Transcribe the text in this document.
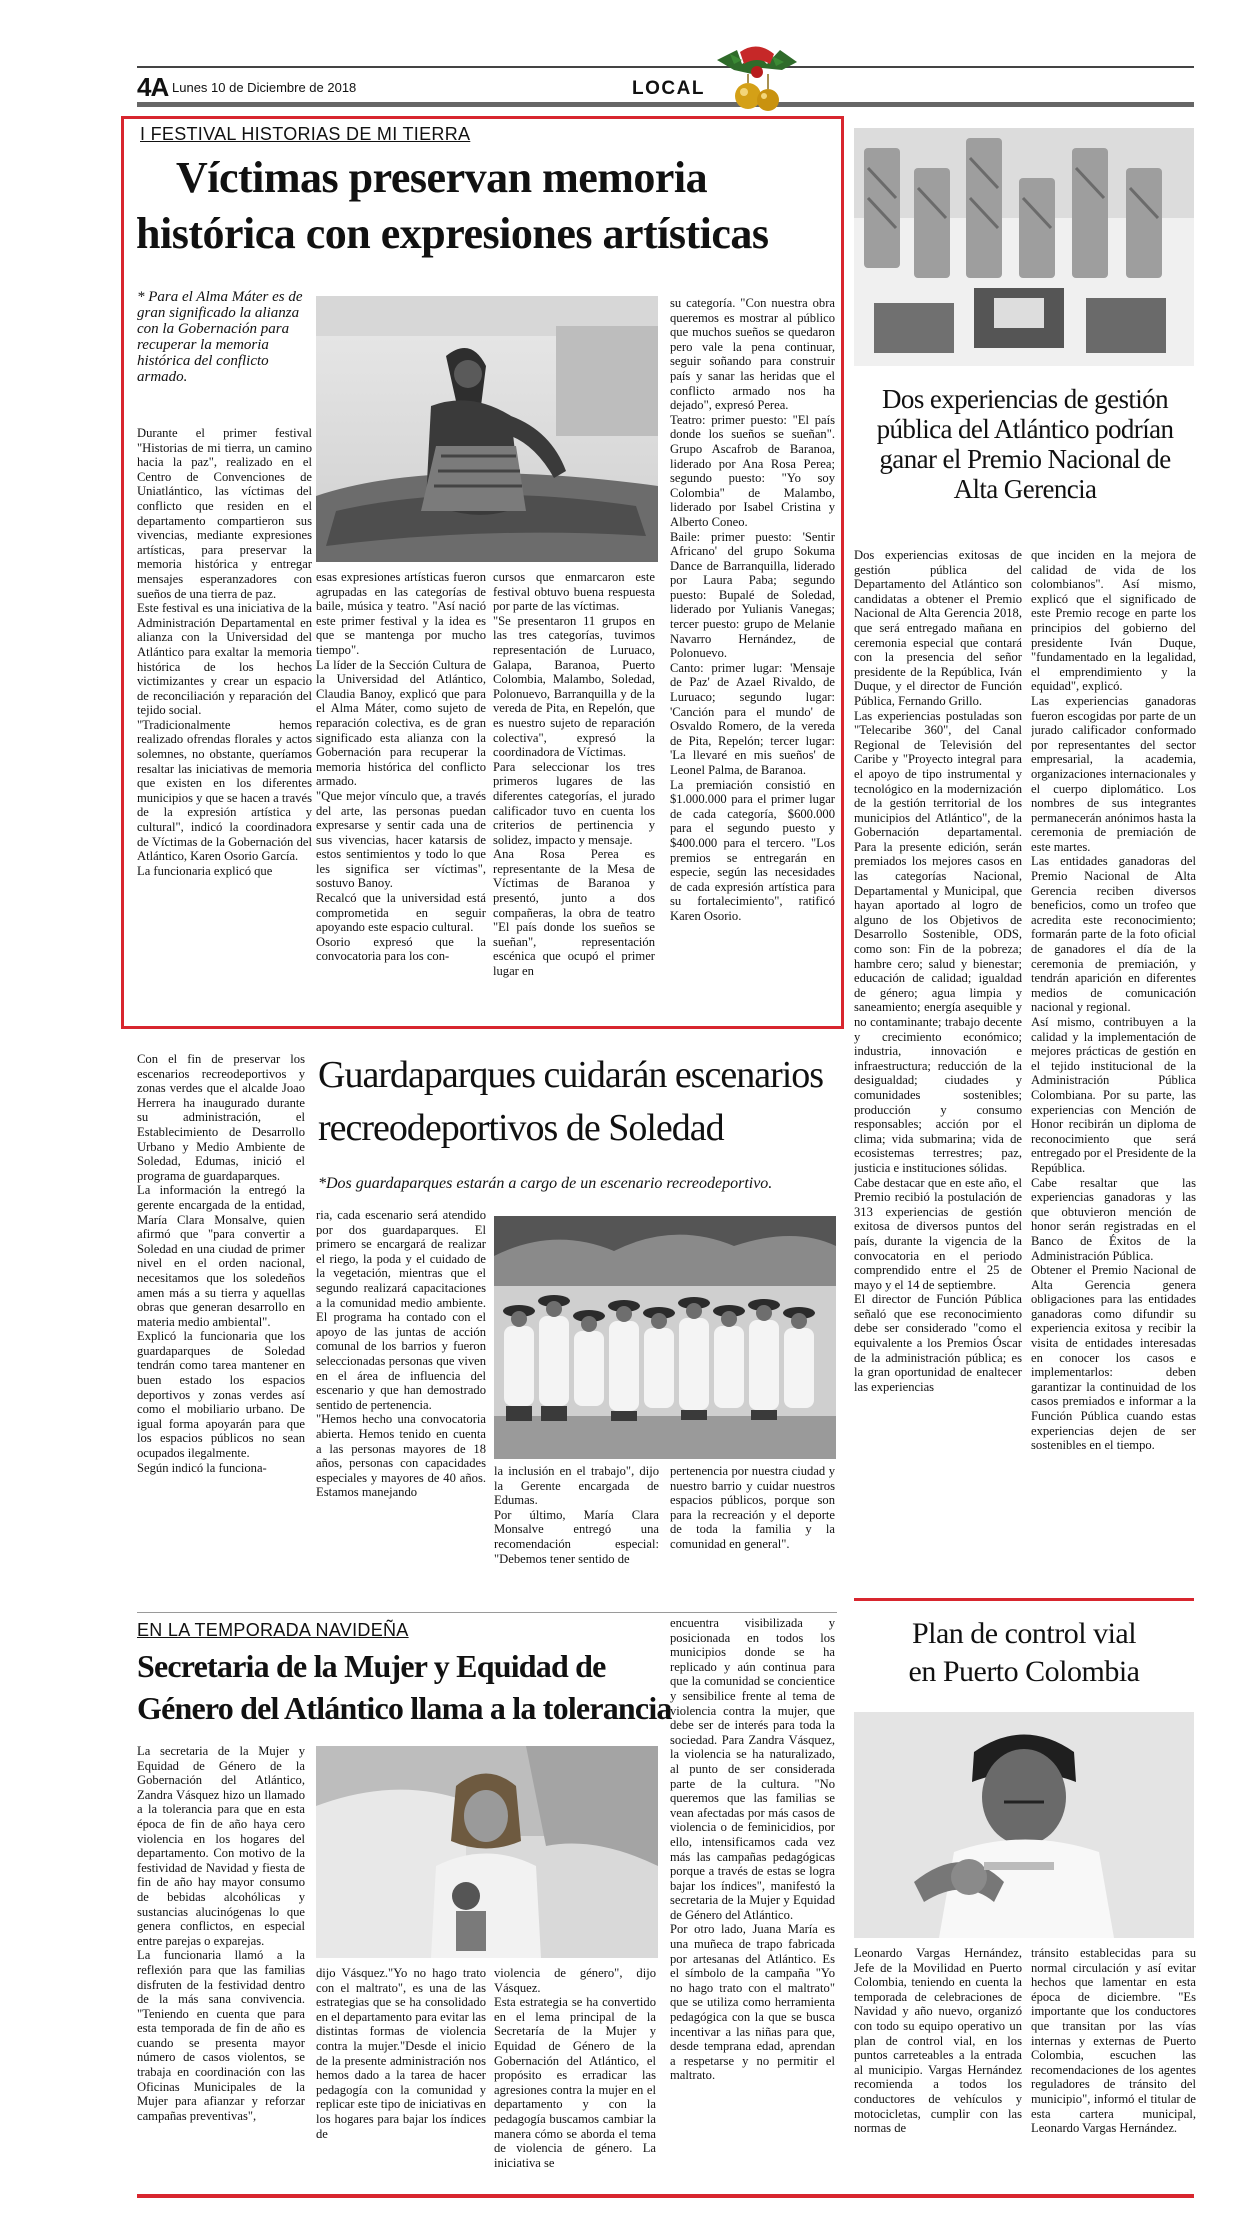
4A Lunes 10 de Diciembre de 2018	LOCAL
I FESTIVAL HISTORIAS DE MI TIERRA
Víctimas preservan memoria
histórica con expresiones artísticas
* Para el Alma Máter es de gran significado la alianza con la Gobernación para recuperar la memoria histórica del conflicto armado.
Durante el primer festival "Historias de mi tierra, un camino hacia la paz", realizado en el Centro de Convenciones de Uniatlántico, las víctimas del conflicto que residen en el departamento compartieron sus vivencias, mediante expresiones artísticas, para preservar la memoria histórica y entregar mensajes esperanzadores con sueños de una tierra de paz.
Este festival es una iniciativa de la Administración Departamental en alianza con la Universidad del Atlántico para exaltar la memoria histórica de los hechos victimizantes y crear un espacio de reconciliación y reparación del tejido social.
"Tradicionalmente hemos realizado ofrendas florales y actos solemnes, no obstante, queríamos resaltar las iniciativas de memoria que existen en los diferentes municipios y que se hacen a través de la expresión artística y cultural", indicó la coordinadora de Víctimas de la Gobernación del Atlántico, Karen Osorio García.
La funcionaria explicó que
esas expresiones artísticas fueron agrupadas en las categorías de baile, música y teatro. "Así nació este primer festival y la idea es que se mantenga por mucho tiempo".
La líder de la Sección Cultura de la Universidad del Atlántico, Claudia Banoy, explicó que para el Alma Máter, como sujeto de reparación colectiva, es de gran significado esta alianza con la Gobernación para recuperar la memoria histórica del conflicto armado.
"Que mejor vínculo que, a través del arte, las personas puedan expresarse y sentir cada una de sus vivencias, hacer katarsis de estos sentimientos y todo lo que les significa ser víctimas", sostuvo Banoy.
Recalcó que la universidad está comprometida en seguir apoyando este espacio cultural.
Osorio expresó que la convocatoria para los con-
cursos que enmarcaron este festival obtuvo buena respuesta por parte de las víctimas.
"Se presentaron 11 grupos en las tres categorías, tuvimos representación de Luruaco, Galapa, Baranoa, Puerto Colombia, Malambo, Soledad, Polonuevo, Barranquilla y de la vereda de Pita, en Repelón, que es nuestro sujeto de reparación colectiva", expresó la coordinadora de Víctimas.
Para seleccionar los tres primeros lugares de las diferentes categorías, el jurado calificador tuvo en cuenta los criterios de pertinencia y solidez, impacto y mensaje.
Ana Rosa Perea es representante de la Mesa de Víctimas de Baranoa y presentó, junto a dos compañeras, la obra de teatro "El país donde los sueños se sueñan", representación escénica que ocupó el primer lugar en
su categoría. "Con nuestra obra queremos es mostrar al público que muchos sueños se quedaron pero vale la pena continuar, seguir soñando para construir país y sanar las heridas que el conflicto armado nos ha dejado", expresó Perea.
Teatro: primer puesto: "El país donde los sueños se sueñan". Grupo Ascafrob de Baranoa, liderado por Ana Rosa Perea; segundo puesto: "Yo soy Colombia" de Malambo, liderado por Isabel Cristina y Alberto Coneo.
Baile: primer puesto: 'Sentir Africano' del grupo Sokuma Dance de Barranquilla, liderado por Laura Paba; segundo puesto: Bupalé de Soledad, liderado por Yulianis Vanegas; tercer puesto: grupo de Melanie Navarro Hernández, de Polonuevo.
Canto: primer lugar: 'Mensaje de Paz' de Azael Rivaldo, de Luruaco; segundo lugar: 'Canción para el mundo' de Osvaldo Romero, de la vereda de Pita, Repelón; tercer lugar: 'La llevaré en mis sueños' de Leonel Palma, de Baranoa.
La premiación consistió en $1.000.000 para el primer lugar de cada categoría, $600.000 para el segundo puesto y $400.000 para el tercero. "Los premios se entregarán en especie, según las necesidades de cada expresión artística para su fortalecimiento", ratificó Karen Osorio.
Dos experiencias de gestión pública del Atlántico podrían ganar el Premio Nacional de Alta Gerencia
Dos experiencias exitosas de gestión pública del Departamento del Atlántico son candidatas a obtener el Premio Nacional de Alta Gerencia 2018, que será entregado mañana en ceremonia especial que contará con la presencia del señor presidente de la República, Iván Duque, y el director de Función Pública, Fernando Grillo.
Las experiencias postuladas son "Telecaribe 360", del Canal Regional de Televisión del Caribe y "Proyecto integral para el apoyo de tipo instrumental y tecnológico en la modernización de la gestión territorial de los municipios del Atlántico", de la Gobernación departamental. Para la presente edición, serán premiados los mejores casos en las categorías Nacional, Departamental y Municipal, que hayan aportado al logro de alguno de los Objetivos de Desarrollo Sostenible, ODS, como son: Fin de la pobreza; hambre cero; salud y bienestar; educación de calidad; igualdad de género; agua limpia y saneamiento; energía asequible y no contaminante; trabajo decente y crecimiento económico; industria, innovación e infraestructura; reducción de la desigualdad; ciudades y comunidades sostenibles; producción y consumo responsables; acción por el clima; vida submarina; vida de ecosistemas terrestres; paz, justicia e instituciones sólidas.
Cabe destacar que en este año, el Premio recibió la postulación de 313 experiencias de gestión exitosa de diversos puntos del país, durante la vigencia de la convocatoria en el periodo comprendido entre el 25 de mayo y el 14 de septiembre.
El director de Función Pública señaló que ese reconocimiento debe ser considerado "como el equivalente a los Premios Óscar de la administración pública; es la gran oportunidad de enaltecer las experiencias
que inciden en la mejora de calidad de vida de los colombianos". Así mismo, explicó que el significado de este Premio recoge en parte los principios del gobierno del presidente Iván Duque, "fundamentado en la legalidad, el emprendimiento y la equidad", explicó.
Las experiencias ganadoras fueron escogidas por parte de un jurado calificador conformado por representantes del sector empresarial, la academia, organizaciones internacionales y el cuerpo diplomático. Los nombres de sus integrantes permanecerán anónimos hasta la ceremonia de premiación de este martes.
Las entidades ganadoras del Premio Nacional de Alta Gerencia reciben diversos beneficios, como un trofeo que acredita este reconocimiento; formarán parte de la foto oficial de ganadores el día de la ceremonia de premiación, y tendrán aparición en diferentes medios de comunicación nacional y regional.
Así mismo, contribuyen a la calidad y la implementación de mejores prácticas de gestión en el tejido institucional de la Administración Pública Colombiana. Por su parte, las experiencias con Mención de Honor recibirán un diploma de reconocimiento que será entregado por el Presidente de la República.
Cabe resaltar que las experiencias ganadoras y las que obtuvieron mención de honor serán registradas en el Banco de Éxitos de la Administración Pública.
Obtener el Premio Nacional de Alta Gerencia genera obligaciones para las entidades ganadoras como difundir su experiencia exitosa y recibir la visita de entidades interesadas en conocer los casos e implementarlos: deben garantizar la continuidad de los casos premiados e informar a la Función Pública cuando estas experiencias dejen de ser sostenibles en el tiempo.
Con el fin de preservar los escenarios recreodeportivos y zonas verdes que el alcalde Joao Herrera ha inaugurado durante su administración, el Establecimiento de Desarrollo Urbano y Medio Ambiente de Soledad, Edumas, inició el programa de guardaparques.
La información la entregó la gerente encargada de la entidad, María Clara Monsalve, quien afirmó que "para convertir a Soledad en una ciudad de primer nivel en el orden nacional, necesitamos que los soledeños amen más a su tierra y aquellas obras que generan desarrollo en materia medio ambiental".
Explicó la funcionaria que los guardaparques de Soledad tendrán como tarea mantener en buen estado los espacios deportivos y zonas verdes así como el mobiliario urbano. De igual forma apoyarán para que los espacios públicos no sean ocupados ilegalmente.
Según indicó la funciona-
Guardaparques cuidarán escenarios
recreodeportivos de Soledad
*Dos guardaparques estarán a cargo de un escenario recreodeportivo.
ria, cada escenario será atendido por dos guardaparques. El primero se encargará de realizar el riego, la poda y el cuidado de la vegetación, mientras que el segundo realizará capacitaciones a la comunidad medio ambiente. El programa ha contado con el apoyo de las juntas de acción comunal de los barrios y fueron seleccionadas personas que viven en el área de influencia del escenario y que han demostrado sentido de pertenencia.
"Hemos hecho una convocatoria abierta. Hemos tenido en cuenta a las personas mayores de 18 años, personas con capacidades especiales y mayores de 40 años. Estamos manejando
la inclusión en el trabajo", dijo la Gerente encargada de Edumas.
Por último, María Clara Monsalve entregó una recomendación especial: "Debemos tener sentido de
pertenencia por nuestra ciudad y nuestro barrio y cuidar nuestros espacios públicos, porque son para la recreación y el deporte de toda la familia y la comunidad en general".
EN LA TEMPORADA NAVIDEÑA
Secretaria de la Mujer y Equidad de
Género del Atlántico llama a la tolerancia
La secretaria de la Mujer y Equidad de Género de la Gobernación del Atlántico, Zandra Vásquez hizo un llamado a la tolerancia para que en esta época de fin de año haya cero violencia en los hogares del departamento. Con motivo de la festividad de Navidad y fiesta de fin de año hay mayor consumo de bebidas alcohólicas y sustancias alucinógenas lo que genera conflictos, en especial entre parejas o exparejas.
La funcionaria llamó a la reflexión para que las familias disfruten de la festividad dentro de la más sana convivencia. "Teniendo en cuenta que para esta temporada de fin de año es cuando se presenta mayor número de casos violentos, se trabaja en coordinación con las Oficinas Municipales de la Mujer para afianzar y reforzar campañas preventivas",
dijo Vásquez."Yo no hago trato con el maltrato", es una de las estrategias que se ha consolidado en el departamento para evitar las distintas formas de violencia contra la mujer."Desde el inicio de la presente administración nos hemos dado a la tarea de hacer pedagogía con la comunidad y replicar este tipo de iniciativas en los hogares para bajar los índices de
violencia de género", dijo Vásquez.
Esta estrategia se ha convertido en el lema principal de la Secretaría de la Mujer y Equidad de Género de la Gobernación del Atlántico, el propósito es erradicar las agresiones contra la mujer en el departamento y con la pedagogía buscamos cambiar la manera cómo se aborda el tema de violencia de género. La iniciativa se
encuentra visibilizada y posicionada en todos los municipios donde se ha replicado y aún continua para que la comunidad se concientice y sensibilice frente al tema de violencia contra la mujer, que debe ser de interés para toda la sociedad. Para Zandra Vásquez, la violencia se ha naturalizado, al punto de ser considerada parte de la cultura. "No queremos que las familias se vean afectadas por más casos de violencia o de feminicidios, por ello, intensificamos cada vez más las campañas pedagógicas porque a través de estas se logra bajar los índices", manifestó la secretaria de la Mujer y Equidad de Género del Atlántico.
Por otro lado, Juana María es una muñeca de trapo fabricada por artesanas del Atlántico. Es el símbolo de la campaña "Yo no hago trato con el maltrato" que se utiliza como herramienta pedagógica con la que se busca incentivar a las niñas para que, desde temprana edad, aprendan a respetarse y no permitir el maltrato.
Plan de control vial
en Puerto Colombia
Leonardo Vargas Hernández, Jefe de la Movilidad en Puerto Colombia, teniendo en cuenta la temporada de celebraciones de Navidad y año nuevo, organizó con todo su equipo operativo un plan de control vial, en los puntos carreteables a la entrada al municipio. Vargas Hernández recomienda a todos los conductores de vehículos y motocicletas, cumplir con las normas de
tránsito establecidas para su normal circulación y así evitar hechos que lamentar en esta época de diciembre. "Es importante que los conductores que transitan por las vías internas y externas de Puerto Colombia, escuchen las recomendaciones de los agentes reguladores de tránsito del municipio", informó el titular de esta cartera municipal, Leonardo Vargas Hernández.
